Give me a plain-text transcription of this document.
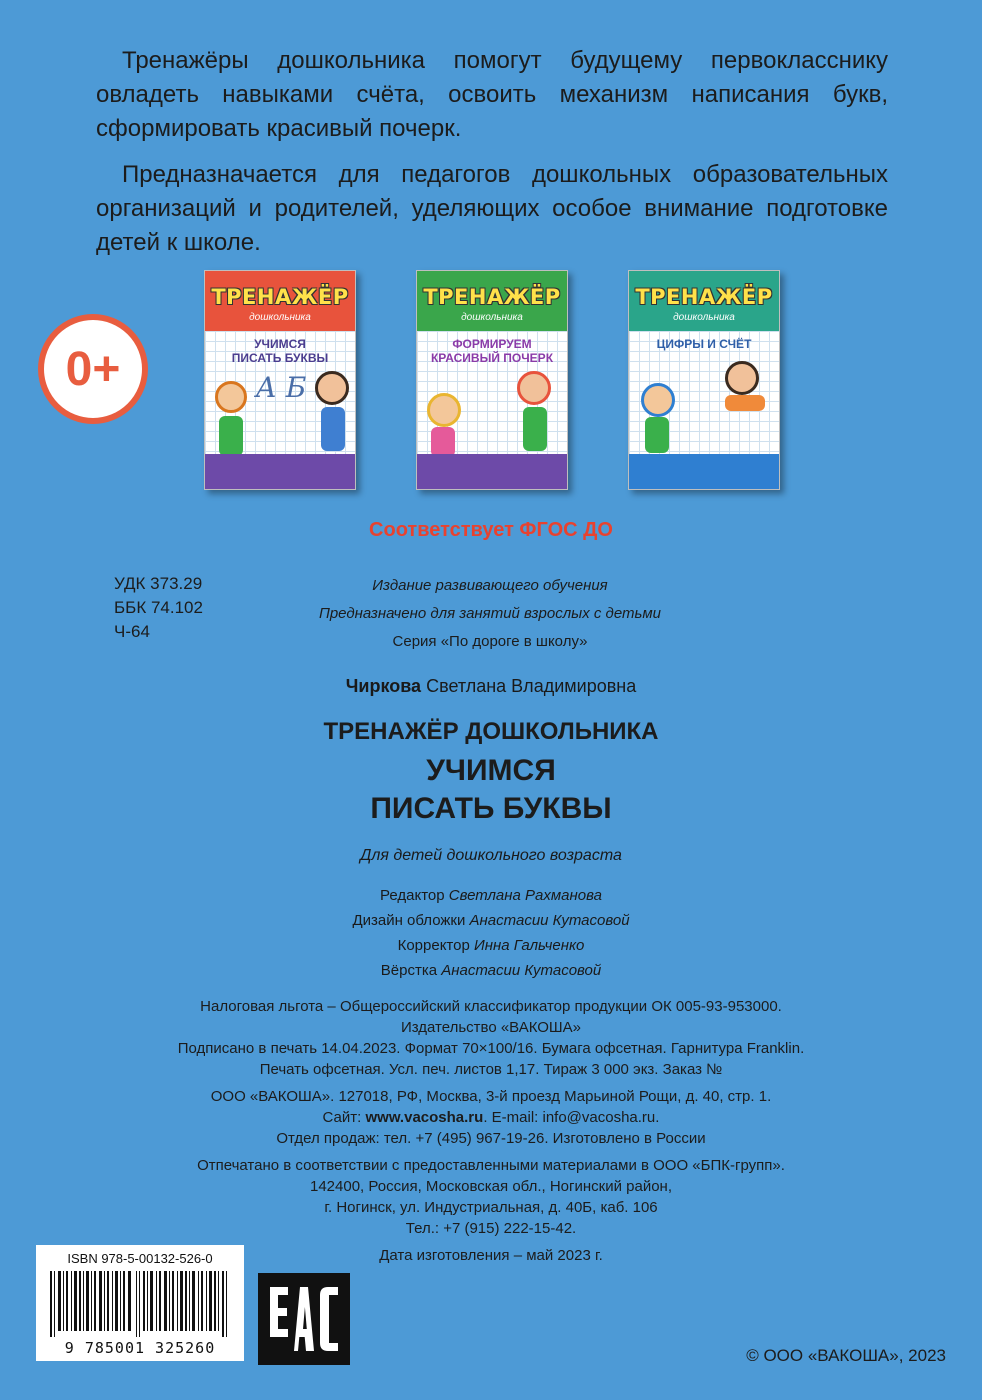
Тренажёры дошкольника помогут будущему первокласснику овладеть навыками счёта, освоить механизм написания букв, сформировать красивый почерк.

Предназначается для педагогов дошкольных образовательных организаций и родителей, уделяющих особое внимание подготовке детей к школе.

0+
ТРЕНАЖЁР
дошкольника
УЧИМСЯ ПИСАТЬ БУКВЫ
А Б
ТРЕНАЖЁР
дошкольника
ФОРМИРУЕМ КРАСИВЫЙ ПОЧЕРК
ТРЕНАЖЁР
дошкольника
ЦИФРЫ И СЧЁТ
Соответствует ФГОС ДО
УДК 373.29
ББК 74.102
Ч-64
Издание развивающего обучения
Предназначено для занятий взрослых с детьми
Серия «По дороге в школу»
Чиркова Светлана Владимировна
ТРЕНАЖЁР ДОШКОЛЬНИКА
УЧИМСЯ
ПИСАТЬ БУКВЫ
Для детей дошкольного возраста
Редактор Светлана Рахманова
Дизайн обложки Анастасии Кутасовой
Корректор Инна Гальченко
Вёрстка Анастасии Кутасовой
Налоговая льгота – Общероссийский классификатор продукции ОК 005-93-953000.
Издательство «ВАКОША»
Подписано в печать 14.04.2023. Формат 70×100/16. Бумага офсетная. Гарнитура Franklin.
Печать офсетная. Усл. печ. листов 1,17. Тираж 3 000 экз. Заказ №
ООО «ВАКОША». 127018, РФ, Москва, 3-й проезд Марьиной Рощи, д. 40, стр. 1.
Сайт: www.vacosha.ru. E-mail: info@vacosha.ru.
Отдел продаж: тел. +7 (495) 967-19-26. Изготовлено в России
Отпечатано в соответствии с предоставленными материалами в ООО «БПК-групп».
142400, Россия, Московская обл., Ногинский район,
г. Ногинск, ул. Индустриальная, д. 40Б, каб. 106
Тел.: +7 (915) 222-15-42.
Дата изготовления – май 2023 г.
ISBN 978-5-00132-526-0
9 785001 325260	© ООО «ВАКОША», 2023
